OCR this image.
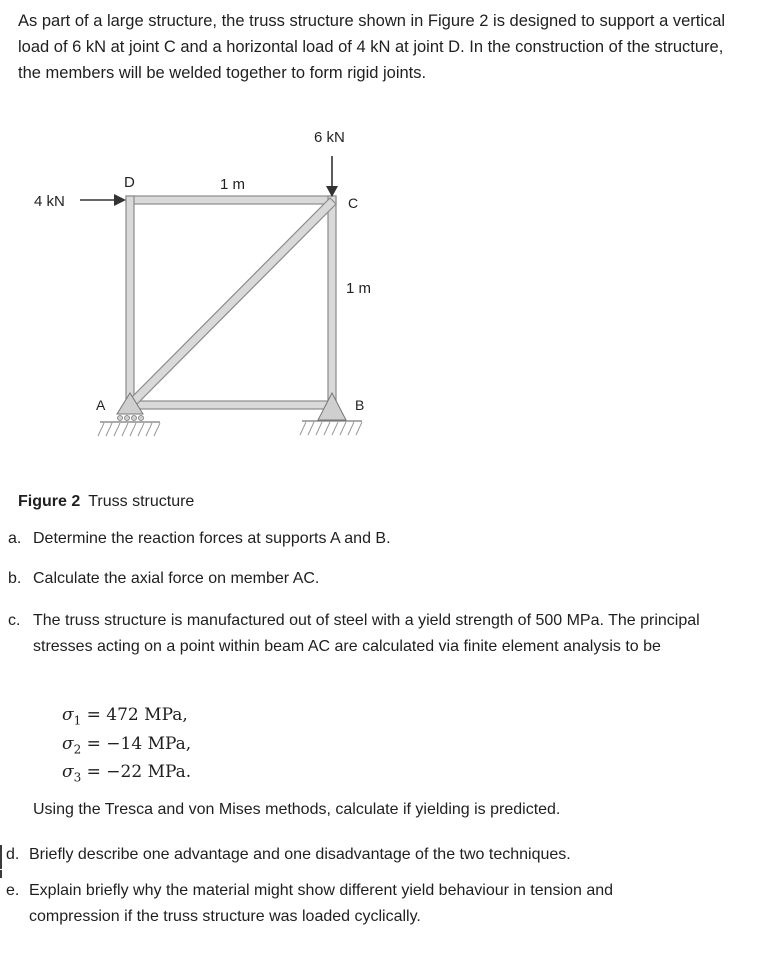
As part of a large structure, the truss structure shown in Figure 2 is designed to support a vertical load of 6 kN at joint C and a horizontal load of 4 kN at joint D. In the construction of the structure, the members will be welded together to form rigid joints.

6 kN
4 kN
D
C
A	B
1 m
1 m
Figure 2 Truss structure
a. Determine the reaction forces at supports A and B.
b. Calculate the axial force on member AC.
c. The truss structure is manufactured out of steel with a yield strength of 500 MPa. The principal stresses acting on a point within beam AC are calculated via finite element analysis to be
$\sigma_1 = 472$ MPa,
$\sigma_2 = -14$ MPa,
$\sigma_3 = -22$ MPa.
Using the Tresca and von Mises methods, calculate if yielding is predicted.
d. Briefly describe one advantage and one disadvantage of the two techniques.
e. Explain briefly why the material might show different yield behaviour in tension and compression if the truss structure was loaded cyclically.
